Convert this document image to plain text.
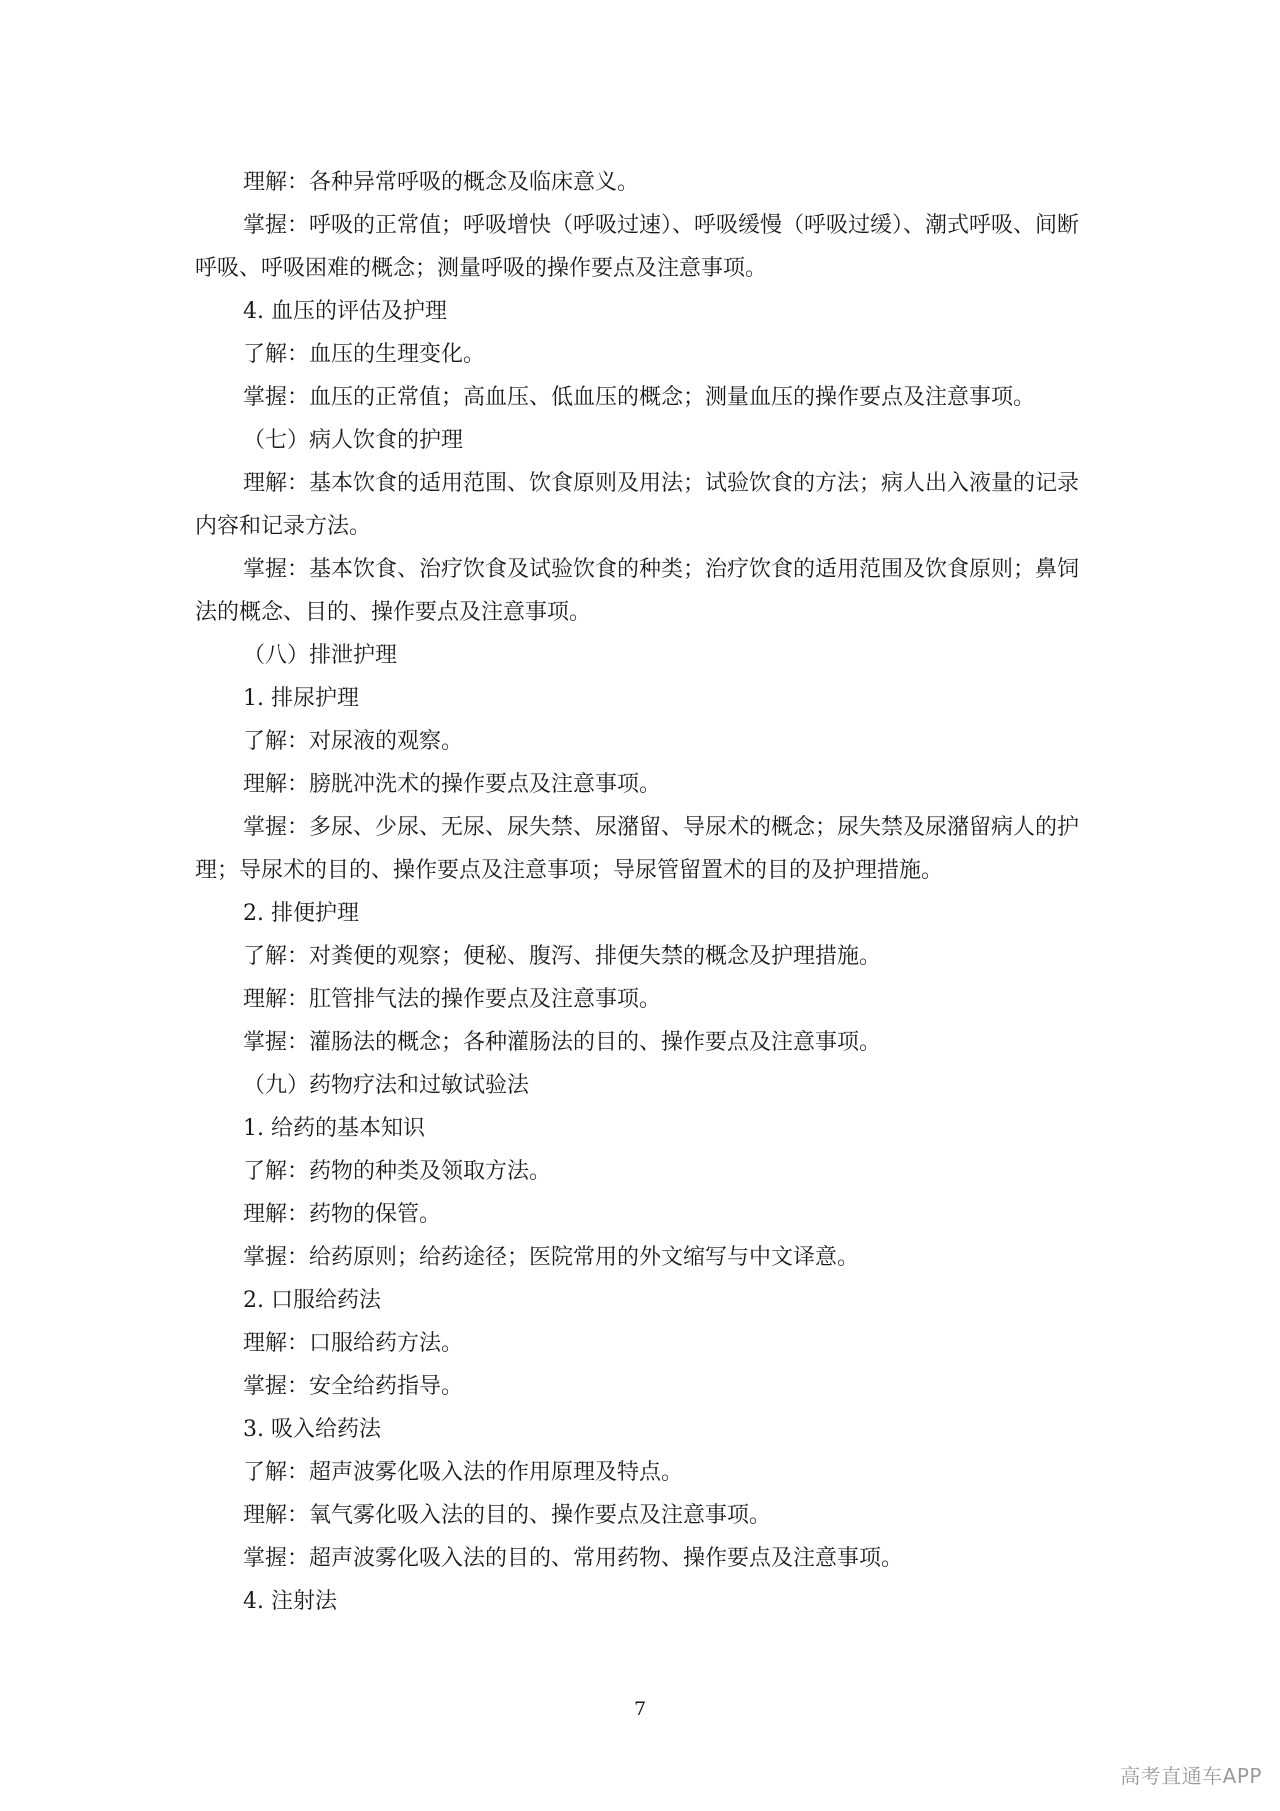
理解：各种异常呼吸的概念及临床意义。

掌握：呼吸的正常值；呼吸增快（呼吸过速）、呼吸缓慢（呼吸过缓）、潮式呼吸、间断呼吸、呼吸困难的概念；测量呼吸的操作要点及注意事项。

4. 血压的评估及护理

了解：血压的生理变化。

掌握：血压的正常值；高血压、低血压的概念；测量血压的操作要点及注意事项。

（七）病人饮食的护理

理解：基本饮食的适用范围、饮食原则及用法；试验饮食的方法；病人出入液量的记录内容和记录方法。

掌握：基本饮食、治疗饮食及试验饮食的种类；治疗饮食的适用范围及饮食原则；鼻饲法的概念、目的、操作要点及注意事项。

（八）排泄护理

1. 排尿护理

了解：对尿液的观察。

理解：膀胱冲洗术的操作要点及注意事项。

掌握：多尿、少尿、无尿、尿失禁、尿潴留、导尿术的概念；尿失禁及尿潴留病人的护理；导尿术的目的、操作要点及注意事项；导尿管留置术的目的及护理措施。

2. 排便护理

了解：对粪便的观察；便秘、腹泻、排便失禁的概念及护理措施。

理解：肛管排气法的操作要点及注意事项。

掌握：灌肠法的概念；各种灌肠法的目的、操作要点及注意事项。

（九）药物疗法和过敏试验法

1. 给药的基本知识

了解：药物的种类及领取方法。

理解：药物的保管。

掌握：给药原则；给药途径；医院常用的外文缩写与中文译意。

2. 口服给药法

理解：口服给药方法。

掌握：安全给药指导。

3. 吸入给药法

了解：超声波雾化吸入法的作用原理及特点。

理解：氧气雾化吸入法的目的、操作要点及注意事项。

掌握：超声波雾化吸入法的目的、常用药物、操作要点及注意事项。

4. 注射法

7
高考直通车APP
